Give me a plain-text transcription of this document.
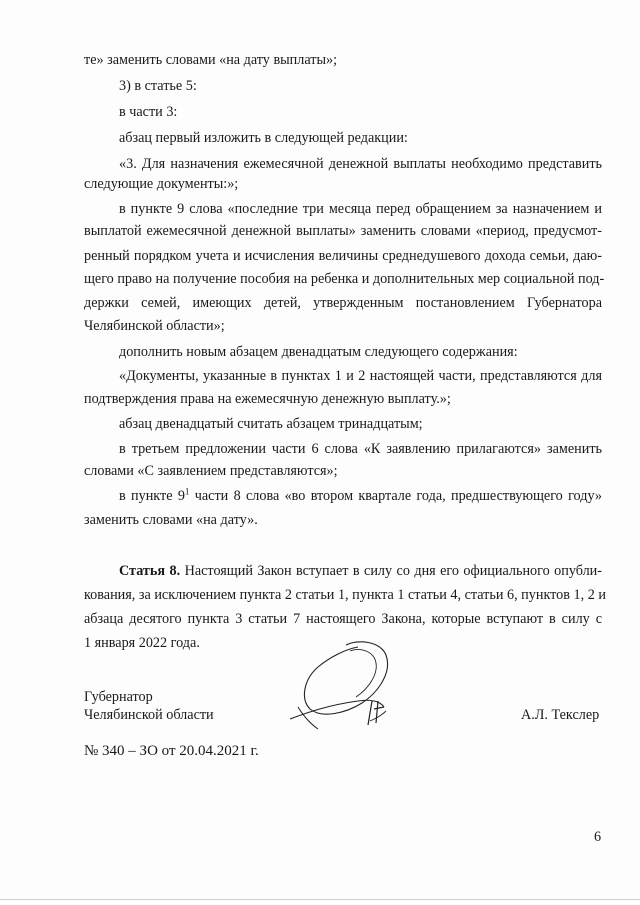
те» заменить словами «на дату выплаты»;
3) в статье 5:
в части 3:
абзац первый изложить в следующей редакции:
«3. Для назначения ежемесячной денежной выплаты необходимо представить
следующие документы:»;
в пункте 9 слова «последние три месяца перед обращением за назначением и
выплатой ежемесячной денежной выплаты» заменить словами «период, предусмот-
ренный порядком учета и исчисления величины среднедушевого дохода семьи, даю-
щего право на получение пособия на ребенка и дополнительных мер социальной под-
держки семей, имеющих детей, утвержденным постановлением Губернатора
Челябинской области»;
дополнить новым абзацем двенадцатым следующего содержания:
«Документы, указанные в пунктах 1 и 2 настоящей части, представляются для
подтверждения права на ежемесячную денежную выплату.»;
абзац двенадцатый считать абзацем тринадцатым;
в третьем предложении части 6 слова «К заявлению прилагаются» заменить
словами «С заявлением представляются»;
в пункте $9^1$ части 8 слова «во втором квартале года, предшествующего году»
заменить словами «на дату».
Статья 8. Настоящий Закон вступает в силу со дня его официального опубли-
кования, за исключением пункта 2 статьи 1, пункта 1 статьи 4, статьи 6, пунктов 1, 2 и
абзаца десятого пункта 3 статьи 7 настоящего Закона, которые вступают в силу с
1 января 2022 года.
Губернатор
Челябинской области	А.Л. Текслер
№ 340 – ЗО от 20.04.2021 г.
6
